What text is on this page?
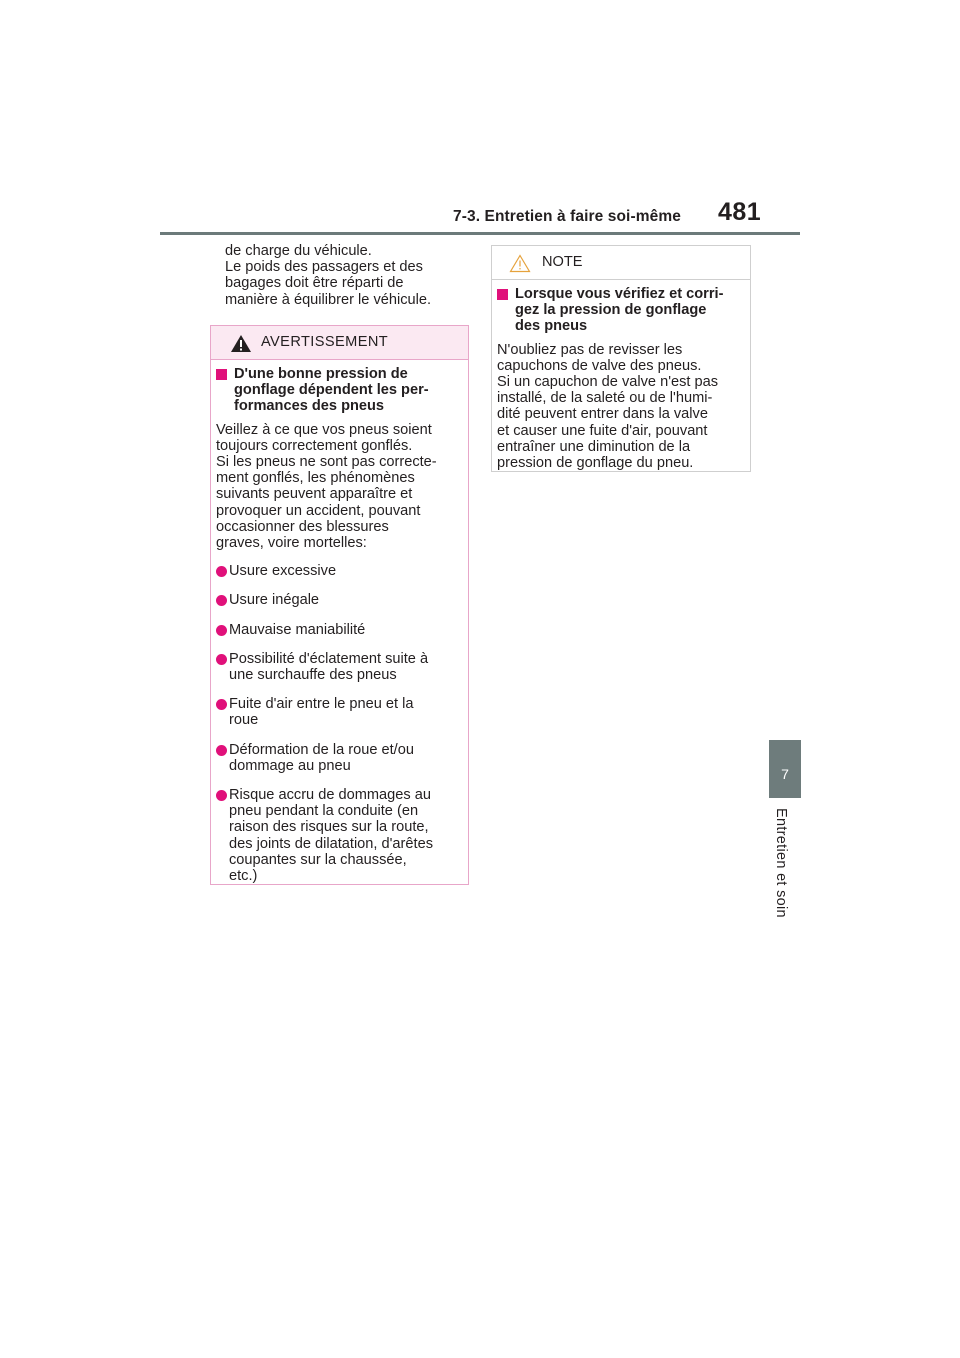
7-3. Entretien à faire soi-même 481
7
Entretien et soin
de charge du véhicule.
Le poids des passagers et des
bagages doit être réparti de
manière à équilibrer le véhicule.
AVERTISSEMENT
D'une bonne pression de
gonflage dépendent les per-
formances des pneus
Veillez à ce que vos pneus soient
toujours correctement gonflés.
Si les pneus ne sont pas correcte-
ment gonflés, les phénomènes
suivants peuvent apparaître et
provoquer un accident, pouvant
occasionner des blessures
graves, voire mortelles:
Usure excessive
Usure inégale
Mauvaise maniabilité
Possibilité d'éclatement suite à
une surchauffe des pneus
Fuite d'air entre le pneu et la
roue
Déformation de la roue et/ou
dommage au pneu
Risque accru de dommages au
pneu pendant la conduite (en
raison des risques sur la route,
des joints de dilatation, d'arêtes
coupantes sur la chaussée,
etc.)
NOTE
Lorsque vous vérifiez et corri-
gez la pression de gonflage
des pneus
N'oubliez pas de revisser les
capuchons de valve des pneus.
Si un capuchon de valve n'est pas
installé, de la saleté ou de l'humi-
dité peuvent entrer dans la valve
et causer une fuite d'air, pouvant
entraîner une diminution de la
pression de gonflage du pneu.
